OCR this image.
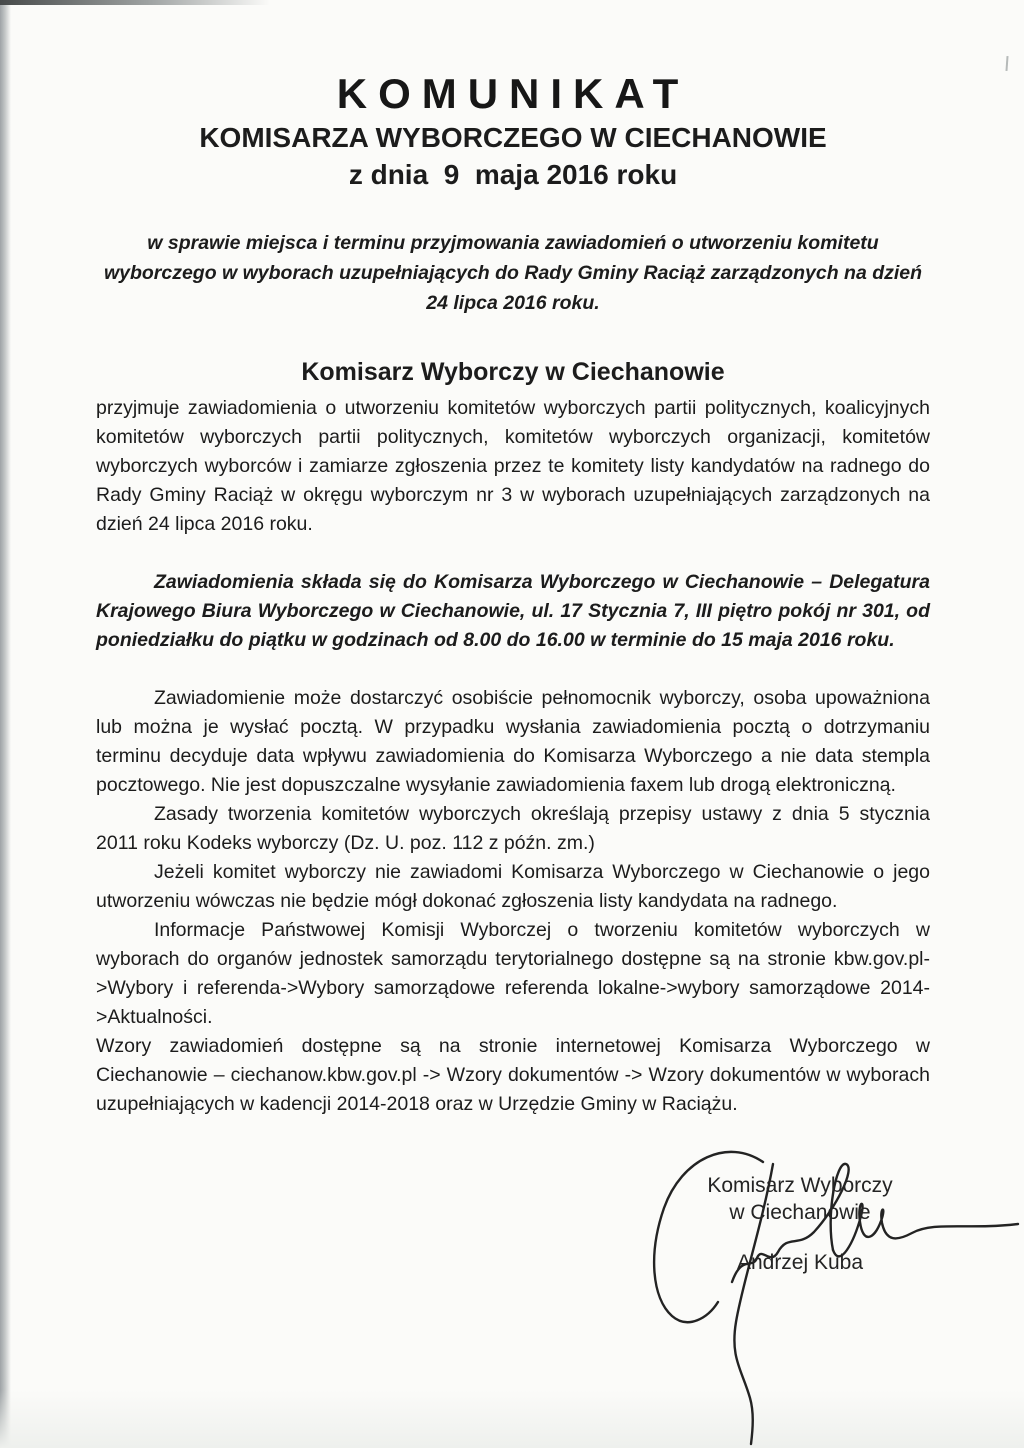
KOMUNIKAT
KOMISARZA WYBORCZEGO W CIECHANOWIE
z dnia  9  maja 2016 roku
w sprawie miejsca i terminu przyjmowania zawiadomień o utworzeniu komitetu wyborczego w wyborach uzupełniających do Rady Gminy Raciąż zarządzonych na dzień 24 lipca 2016 roku.
Komisarz Wyborczy w Ciechanowie

przyjmuje zawiadomienia o utworzeniu komitetów wyborczych partii politycznych, koalicyjnych komitetów wyborczych partii politycznych, komitetów wyborczych organizacji, komitetów wyborczych wyborców i zamiarze zgłoszenia przez te komitety listy kandydatów na radnego do Rady Gminy Raciąż w okręgu wyborczym nr 3 w wyborach uzupełniających zarządzonych na dzień 24 lipca 2016 roku.

Zawiadomienia składa się do Komisarza Wyborczego w Ciechanowie – Delegatura Krajowego Biura Wyborczego w Ciechanowie, ul. 17 Stycznia 7, III piętro pokój nr 301, od poniedziałku do piątku w godzinach od 8.00 do 16.00 w terminie do 15 maja 2016 roku.

Zawiadomienie może dostarczyć osobiście pełnomocnik wyborczy, osoba upoważniona lub można je wysłać pocztą. W przypadku wysłania zawiadomienia pocztą o dotrzymaniu terminu decyduje data wpływu zawiadomienia do Komisarza Wyborczego a nie data stempla pocztowego. Nie jest dopuszczalne wysyłanie zawiadomienia faxem lub drogą elektroniczną.

Zasady tworzenia komitetów wyborczych określają przepisy ustawy z dnia 5 stycznia 2011 roku Kodeks wyborczy (Dz. U. poz. 112 z późn. zm.)

Jeżeli komitet wyborczy nie zawiadomi Komisarza Wyborczego w Ciechanowie o jego utworzeniu wówczas nie będzie mógł dokonać zgłoszenia listy kandydata na radnego.

Informacje Państwowej Komisji Wyborczej o tworzeniu komitetów wyborczych w wyborach do organów jednostek samorządu terytorialnego dostępne są na stronie kbw.gov.pl->Wybory i referenda->Wybory samorządowe referenda lokalne->wybory samorządowe 2014->Aktualności.

Wzory zawiadomień dostępne są na stronie internetowej Komisarza Wyborczego w Ciechanowie – ciechanow.kbw.gov.pl -> Wzory dokumentów -> Wzory dokumentów w wyborach uzupełniających w kadencji 2014-2018 oraz w Urzędzie Gminy w Raciążu.

Komisarz Wyborczy
w Ciechanowie
Andrzej Kuba
